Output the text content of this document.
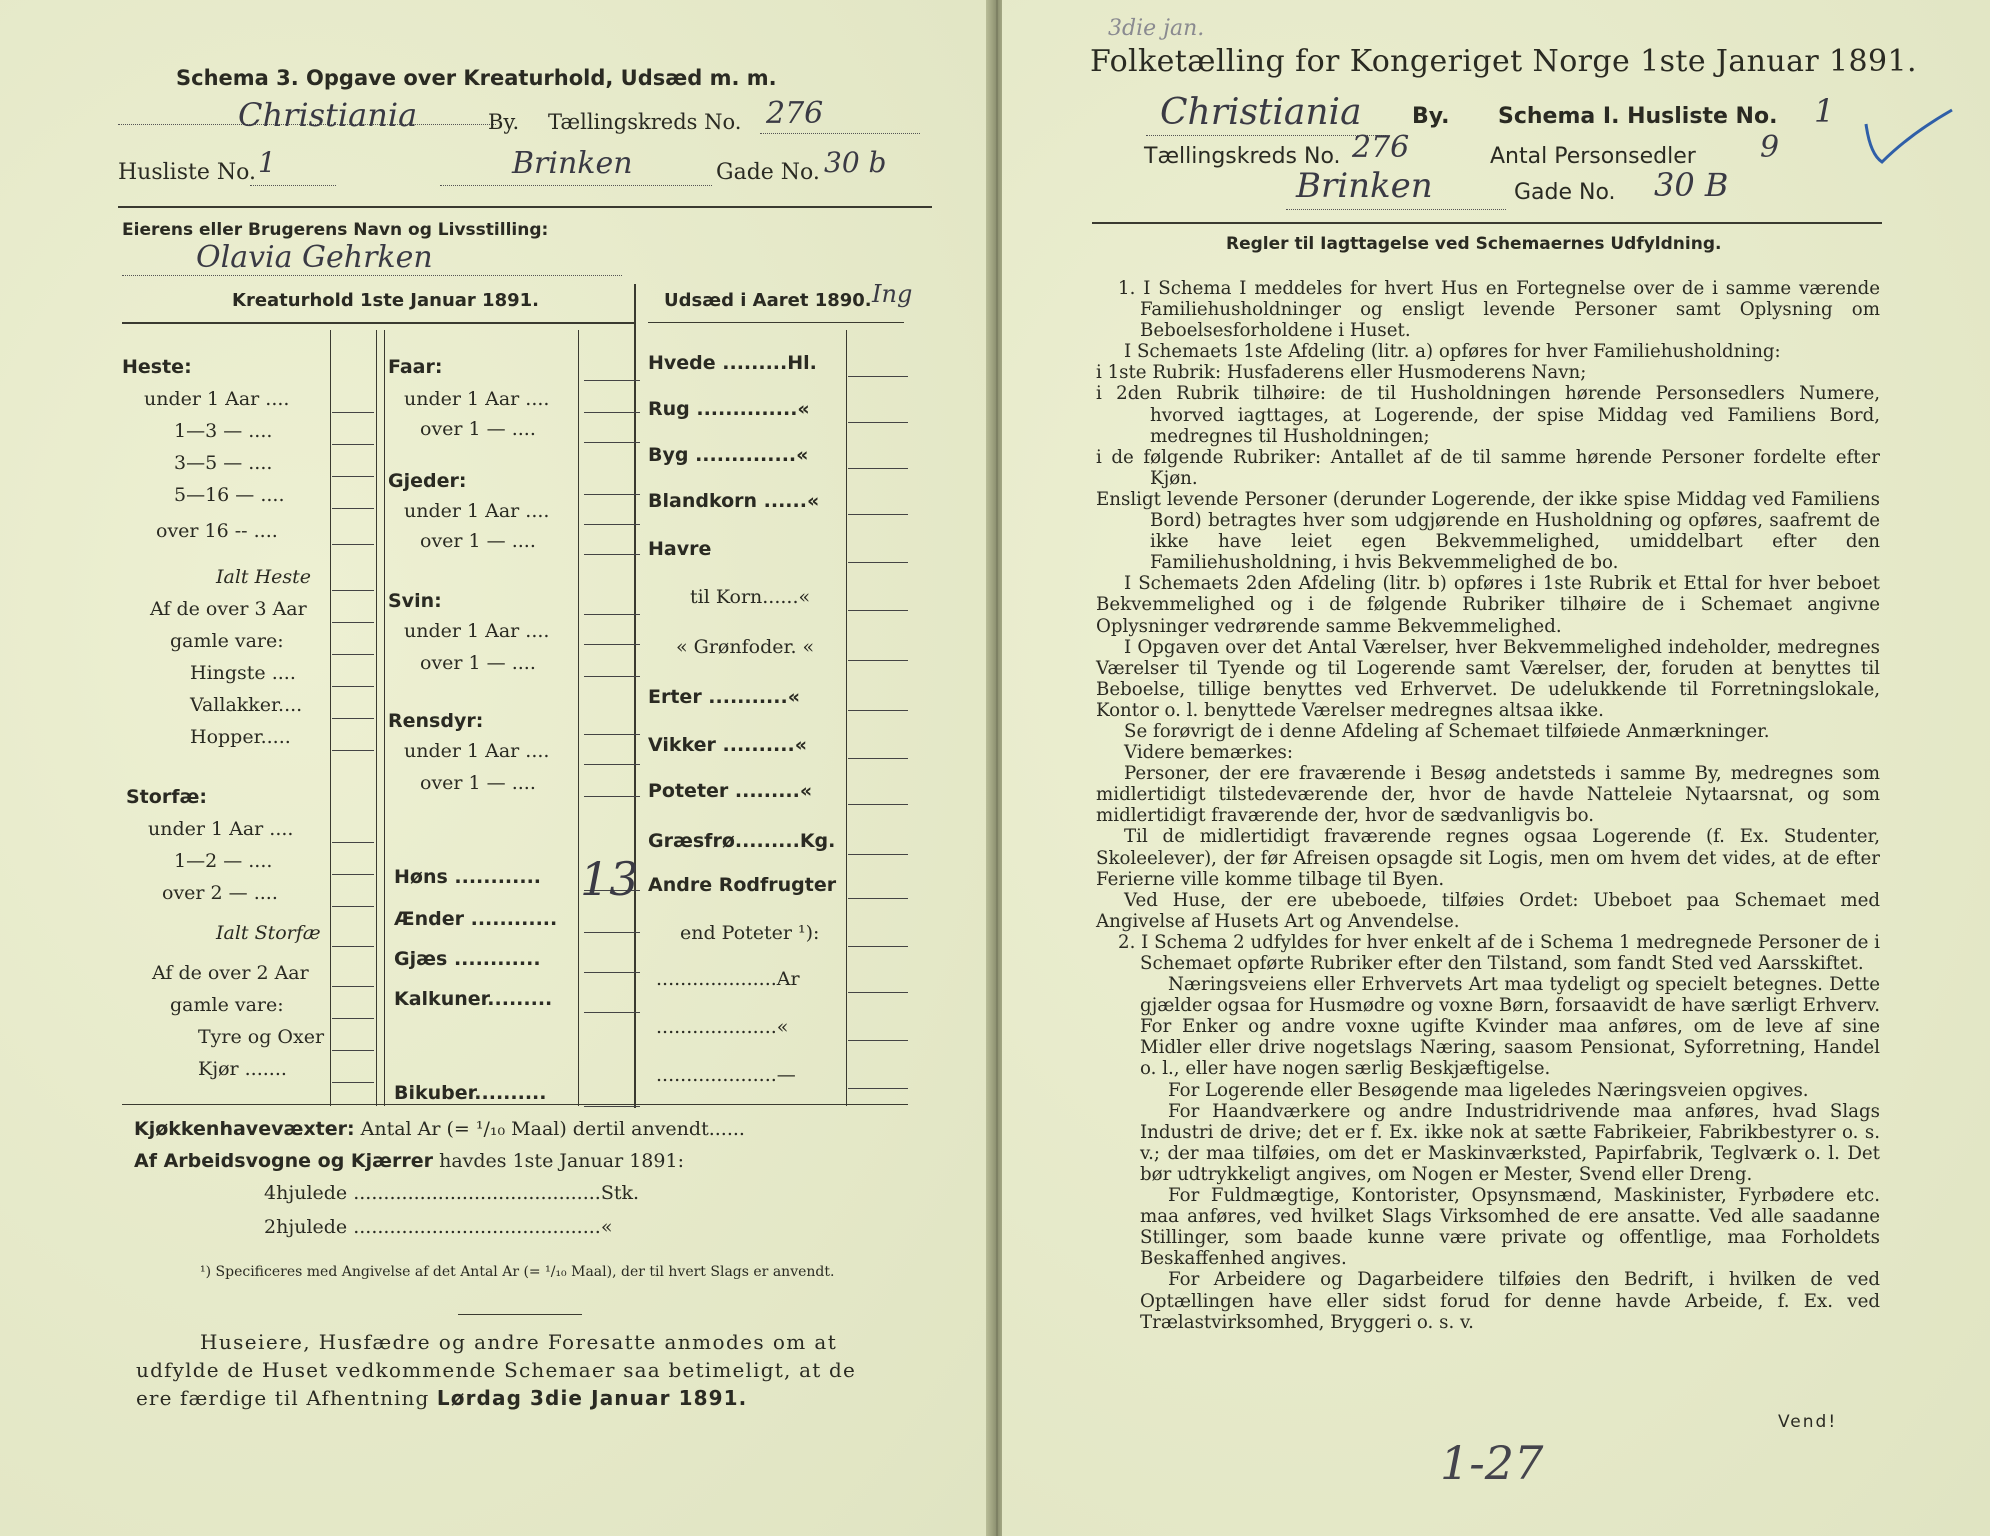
Schema 3. Opgave over Kreaturhold, Udsæd m. m.
Christiania	By. Tællingskreds No. 276
Husliste No. 1	Brinken	Gade No. 30 b
Eierens eller Brugerens Navn og Livsstilling:
Olavia Gehrken
Kreaturhold 1ste Januar 1891.	Udsæd i Aaret 1890. Ing
Heste:
under 1 Aar ....
1—3 — ....
3—5 — ....
5—16 — ....
over 16 -- ....
Ialt Heste
Af de over 3 Aar
gamle vare:
Hingste ....
Vallakker....
Hopper.....
Storfæ:
under 1 Aar ....
1—2 — ....
over 2 — ....
Ialt Storfæ
Af de over 2 Aar
gamle vare:
Tyre og Oxer
Kjør .......
Faar:
under 1 Aar ....
over 1 — ....
Gjeder:
under 1 Aar ....
over 1 — ....
Svin:
under 1 Aar ....
over 1 — ....
Rensdyr:
under 1 Aar ....
over 1 — ....
Høns ............
Ænder ............
Gjæs ............
Kalkuner.........
Bikuber..........
Hvede .........Hl.
Rug ..............«
Byg ..............«
Blandkorn ......«
Havre
til Korn......«
« Grønfoder. «
Erter ...........«
Vikker ..........«
Poteter .........«
Græsfrø.........Kg.
Andre Rodfrugter
end Poteter ¹):
....................Ar
....................«
....................—
13
Kjøkkenhavevæxter: Antal Ar (= ¹/₁₀ Maal) dertil anvendt......
Af Arbeidsvogne og Kjærrer havdes 1ste Januar 1891:
4hjulede .........................................Stk.
2hjulede .........................................«
¹) Specificeres med Angivelse af det Antal Ar (= ¹/₁₀ Maal), der til hvert Slags er anvendt.
Huseiere, Husfædre og andre Foresatte anmodes om at
udfylde de Huset vedkommende Schemaer saa betimeligt, at de
ere færdige til Afhentning Lørdag 3die Januar 1891.
3die jan.
Folketælling for Kongeriget Norge 1ste Januar 1891.
Christiania By. Schema I. Husliste No. 1
Tællingskreds No. 276	Antal Personsedler 9
Brinken	Gade No. 30 B
Regler til Iagttagelse ved Schemaernes Udfyldning.

1. I Schema I meddeles for hvert Hus en Fortegnelse over de i samme værende Familiehusholdninger og ensligt levende Personer samt Oplysning om Beboelsesforholdene i Huset.

I Schemaets 1ste Afdeling (litr. a) opføres for hver Familiehusholdning:

i 1ste Rubrik: Husfaderens eller Husmoderens Navn;

i 2den Rubrik tilhøire: de til Husholdningen hørende Personsedlers Numere, hvorved iagttages, at Logerende, der spise Middag ved Familiens Bord, medregnes til Husholdningen;

i de følgende Rubriker: Antallet af de til samme hørende Personer fordelte efter Kjøn.

Ensligt levende Personer (derunder Logerende, der ikke spise Middag ved Familiens Bord) betragtes hver som udgjørende en Husholdning og opføres, saafremt de ikke have leiet egen Bekvemmelighed, umiddelbart efter den Familiehusholdning, i hvis Bekvemmelighed de bo.

I Schemaets 2den Afdeling (litr. b) opføres i 1ste Rubrik et Ettal for hver beboet Bekvemmelighed og i de følgende Rubriker tilhøire de i Schemaet angivne Oplysninger vedrørende samme Bekvemmelighed.

I Opgaven over det Antal Værelser, hver Bekvemmelighed indeholder, medregnes Værelser til Tyende og til Logerende samt Værelser, der, foruden at benyttes til Beboelse, tillige benyttes ved Erhvervet. De udelukkende til Forretningslokale, Kontor o. l. benyttede Værelser medregnes altsaa ikke.

Se forøvrigt de i denne Afdeling af Schemaet tilføiede Anmærkninger.

Videre bemærkes:

Personer, der ere fraværende i Besøg andetsteds i samme By, medregnes som midlertidigt tilstedeværende der, hvor de havde Natteleie Nytaarsnat, og som midlertidigt fraværende der, hvor de sædvanligvis bo.

Til de midlertidigt fraværende regnes ogsaa Logerende (f. Ex. Studenter, Skoleelever), der før Afreisen opsagde sit Logis, men om hvem det vides, at de efter Ferierne ville komme tilbage til Byen.

Ved Huse, der ere ubeboede, tilføies Ordet: Ubeboet paa Schemaet med Angivelse af Husets Art og Anvendelse.

2. I Schema 2 udfyldes for hver enkelt af de i Schema 1 medregnede Personer de i Schemaet opførte Rubriker efter den Tilstand, som fandt Sted ved Aarsskiftet.

Næringsveiens eller Erhvervets Art maa tydeligt og specielt betegnes. Dette gjælder ogsaa for Husmødre og voxne Børn, forsaavidt de have særligt Erhverv. For Enker og andre voxne ugifte Kvinder maa anføres, om de leve af sine Midler eller drive nogetslags Næring, saasom Pensionat, Syforretning, Handel o. l., eller have nogen særlig Beskjæftigelse.

For Logerende eller Besøgende maa ligeledes Næringsveien opgives.

For Haandværkere og andre Industridrivende maa anføres, hvad Slags Industri de drive; det er f. Ex. ikke nok at sætte Fabrikeier, Fabrikbestyrer o. s. v.; der maa tilføies, om det er Maskinværksted, Papirfabrik, Teglværk o. l. Det bør udtrykkeligt angives, om Nogen er Mester, Svend eller Dreng.

For Fuldmægtige, Kontorister, Opsynsmænd, Maskinister, Fyrbødere etc. maa anføres, ved hvilket Slags Virksomhed de ere ansatte. Ved alle saadanne Stillinger, som baade kunne være private og offentlige, maa Forholdets Beskaffenhed angives.

For Arbeidere og Dagarbeidere tilføies den Bedrift, i hvilken de ved Optællingen have eller sidst forud for denne havde Arbeide, f. Ex. ved Trælastvirksomhed, Bryggeri o. s. v.

Vend!
1-27
